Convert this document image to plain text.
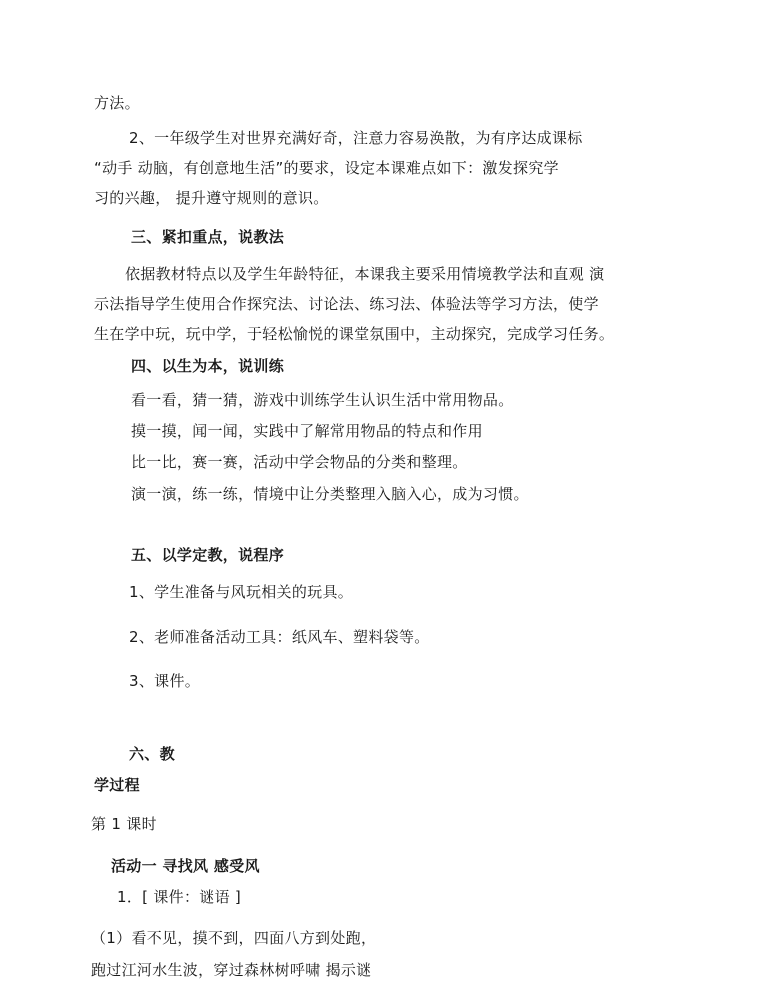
方法。
2、一年级学生对世界充满好奇，注意力容易涣散，为有序达成课标
“动手 动脑，有创意地生活”的要求，设定本课难点如下：激发探究学
习的兴趣， 提升遵守规则的意识。
三、紧扣重点，说教法
依据教材特点以及学生年龄特征，本课我主要采用情境教学法和直观 演
示法指导学生使用合作探究法、讨论法、练习法、体验法等学习方法，使学
生在学中玩，玩中学，于轻松愉悦的课堂氛围中，主动探究，完成学习任务。
四、以生为本，说训练
看一看，猜一猜，游戏中训练学生认识生活中常用物品。
摸一摸，闻一闻，实践中了解常用物品的特点和作用
比一比，赛一赛，活动中学会物品的分类和整理。
演一演，练一练，情境中让分类整理入脑入心，成为习惯。
五、以学定教，说程序
1、学生准备与风玩相关的玩具。
2、老师准备活动工具：纸风车、塑料袋等。
3、课件。
六、教
学过程
第 1 课时
活动一 寻找风 感受风
1．[ 课件：谜语 ]
（1）看不见，摸不到，四面八方到处跑，
跑过江河水生波，穿过森林树呼啸 揭示谜
